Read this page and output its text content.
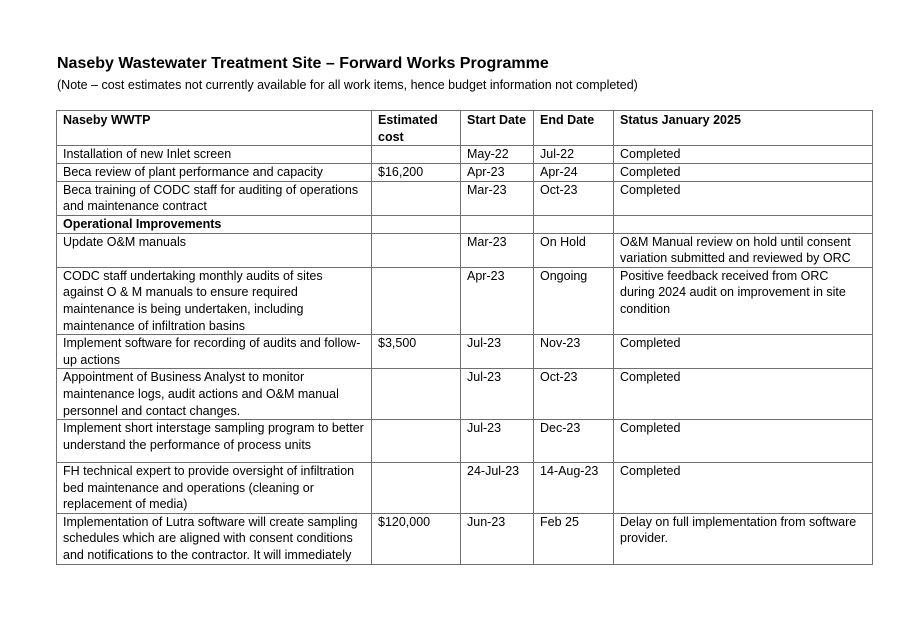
Naseby Wastewater Treatment Site – Forward Works Programme
(Note – cost estimates not currently available for all work items, hence budget information not completed)
Naseby WWTP	Estimated cost	Start Date	End Date	Status January 2025
Installation of new Inlet screen		May-22	Jul-22	Completed
Beca review of plant performance and capacity	$16,200	Apr-23	Apr-24	Completed
Beca training of CODC staff for auditing of operations and maintenance contract		Mar-23	Oct-23	Completed
Operational Improvements				
Update O&M manuals		Mar-23	On Hold	O&M Manual review on hold until consent variation submitted and reviewed by ORC
CODC staff undertaking monthly audits of sites against O & M manuals to ensure required maintenance is being undertaken, including maintenance of infiltration basins		Apr-23	Ongoing	Positive feedback received from ORC during 2024 audit on improvement in site condition
Implement software for recording of audits and follow-up actions	$3,500	Jul-23	Nov-23	Completed
Appointment of Business Analyst to monitor maintenance logs, audit actions and O&M manual personnel and contact changes.		Jul-23	Oct-23	Completed
Implement short interstage sampling program to better understand the performance of process units		Jul-23	Dec-23	Completed
FH technical expert to provide oversight of infiltration bed maintenance and operations (cleaning or replacement of media)		24-Jul-23	14-Aug-23	Completed
Implementation of Lutra software will create sampling schedules which are aligned with consent conditions and notifications to the contractor. It will immediately	$120,000	Jun-23	Feb 25	Delay on full implementation from software provider.
